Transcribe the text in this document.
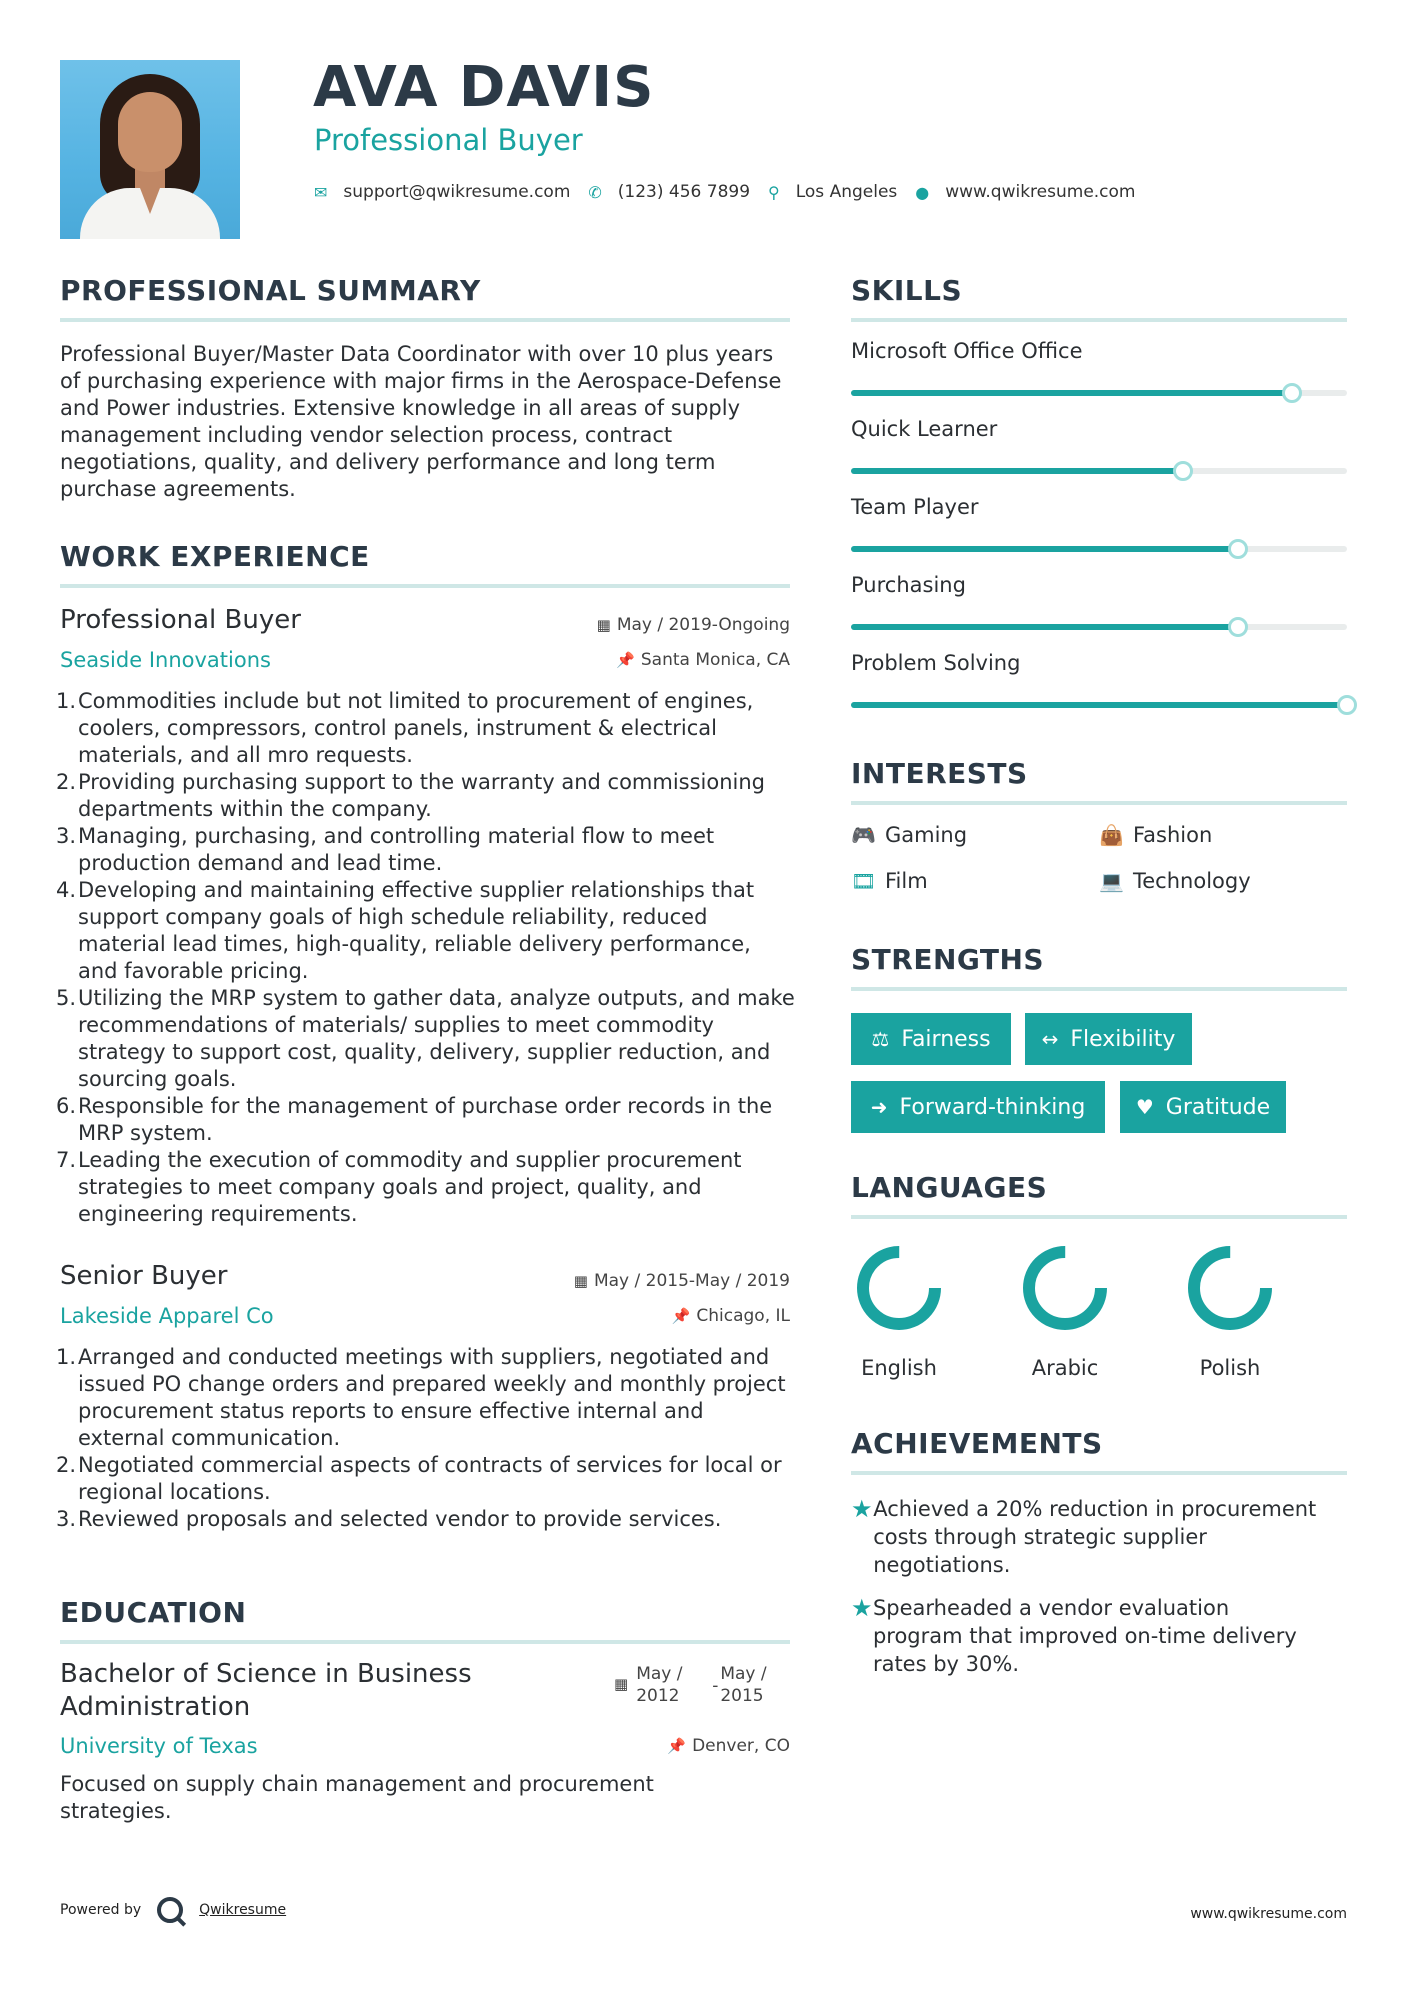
AVA DAVIS
Professional Buyer
✉ support@qwikresume.com ✆ (123) 456 7899 ⚲ Los Angeles ● www.qwikresume.com
PROFESSIONAL SUMMARY
Professional Buyer/Master Data Coordinator with over 10 plus years of purchasing experience with major firms in the Aerospace-Defense and Power industries. Extensive knowledge in all areas of supply management including vendor selection process, contract negotiations, quality, and delivery performance and long term purchase agreements.
WORK EXPERIENCE
Professional Buyer	▦ May / 2019-Ongoing
Seaside Innovations	📌 Santa Monica, CA
1. Commodities include but not limited to procurement of engines, coolers, compressors, control panels, instrument & electrical materials, and all mro requests.
2. Providing purchasing support to the warranty and commissioning departments within the company.
3. Managing, purchasing, and controlling material flow to meet production demand and lead time.
4. Developing and maintaining effective supplier relationships that support company goals of high schedule reliability, reduced material lead times, high-quality, reliable delivery performance, and favorable pricing.
5. Utilizing the MRP system to gather data, analyze outputs, and make recommendations of materials/ supplies to meet commodity strategy to support cost, quality, delivery, supplier reduction, and sourcing goals.
6. Responsible for the management of purchase order records in the MRP system.
7. Leading the execution of commodity and supplier procurement strategies to meet company goals and project, quality, and engineering requirements.
Senior Buyer	▦ May / 2015-May / 2019
Lakeside Apparel Co	📌 Chicago, IL
1. Arranged and conducted meetings with suppliers, negotiated and issued PO change orders and prepared weekly and monthly project procurement status reports to ensure effective internal and external communication.
2. Negotiated commercial aspects of contracts of services for local or regional locations.
3. Reviewed proposals and selected vendor to provide services.
EDUCATION
Bachelor of Science in Business Administration
▦ May / 2012	-
May / 2015
University of Texas	📌 Denver, CO
Focused on supply chain management and procurement strategies.
SKILLS
Microsoft Office Office
Quick Learner
Team Player
Purchasing
Problem Solving
INTERESTS
🎮 Gaming	👜 Fashion
🎞 Film	💻 Technology
STRENGTHS
⚖ Fairness	↔ Flexibility
➜ Forward-thinking	♥ Gratitude
LANGUAGES
English	Arabic	Polish
ACHIEVEMENTS
★ Achieved a 20% reduction in procurement costs through strategic supplier negotiations.
★ Spearheaded a vendor evaluation program that improved on-time delivery rates by 30%.
Powered by	Qwikresume	www.qwikresume.com
